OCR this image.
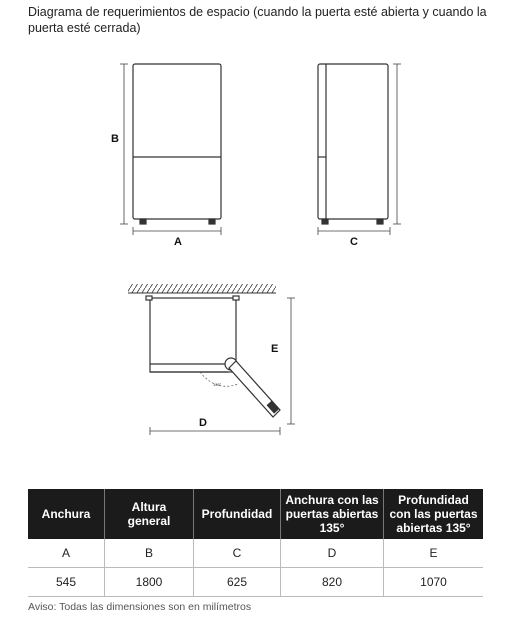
Diagrama de requerimientos de espacio (cuando la puerta esté abierta y cuando la puerta esté cerrada)
B
A	C
135°
E
D
Anchura	Altura general	Profundidad	Anchura con las puertas abiertas 135°	Profundidad con las puertas abiertas 135°
A	B	C	D	E
545	1800	625	820	1070
Aviso: Todas las dimensiones son en milímetros
